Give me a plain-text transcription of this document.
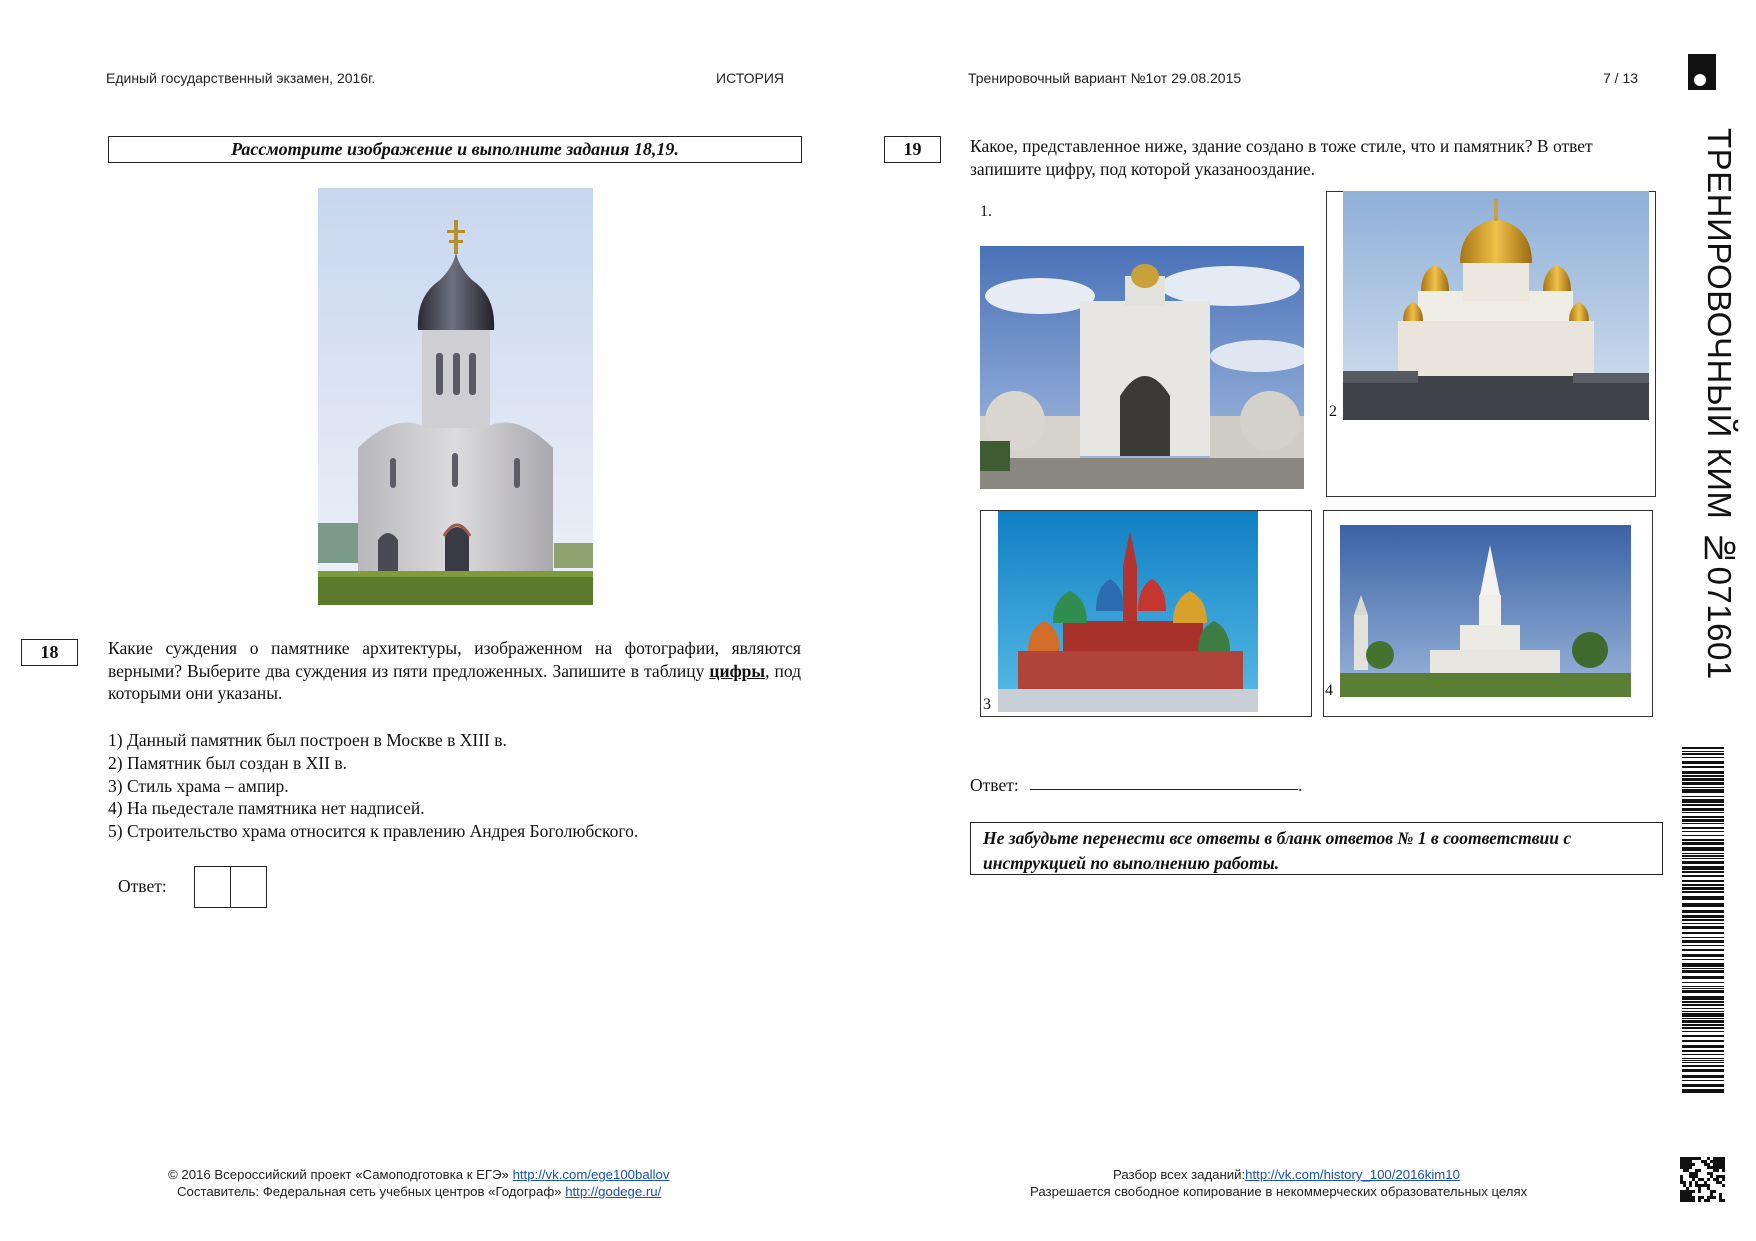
Единый государственный экзамен, 2016г.	ИСТОРИЯ	Тренировочный вариант №1от 29.08.2015	7 / 13
Рассмотрите изображение и выполните задания 18,19.
18	Какие суждения о памятнике архитектуры, изображенном на фотографии, являются верными? Выберите два суждения из пяти предложенных. Запишите в таблицу цифры, под которыми они указаны.
1) Данный памятник был построен в Москве в XIII в.
2) Памятник был создан в XII в.
3) Стиль храма – ампир.
4) На пьедестале памятника нет надписей.
5) Строительство храма относится к правлению Андрея Боголюбского.
Ответ:
19	Какое, представленное ниже, здание создано в тоже стиле, что и памятник? В ответ запишите цифру, под которой указанооздание.
1.
2
3
4
Ответ:	.
Не забудьте перенести все ответы в бланк ответов № 1 в соответствии с инструкцией по выполнению работы.
ТРЕНИРОВОЧНЫЙ КИМ №071601
© 2016 Всероссийский проект «Самоподготовка к ЕГЭ» http://vk.com/ege100ballov
Составитель: Федеральная сеть учебных центров «Годограф» http://godege.ru/
Разбор всех заданий:http://vk.com/history_100/2016kim10
Разрешается свободное копирование в некоммерческих образовательных целях
